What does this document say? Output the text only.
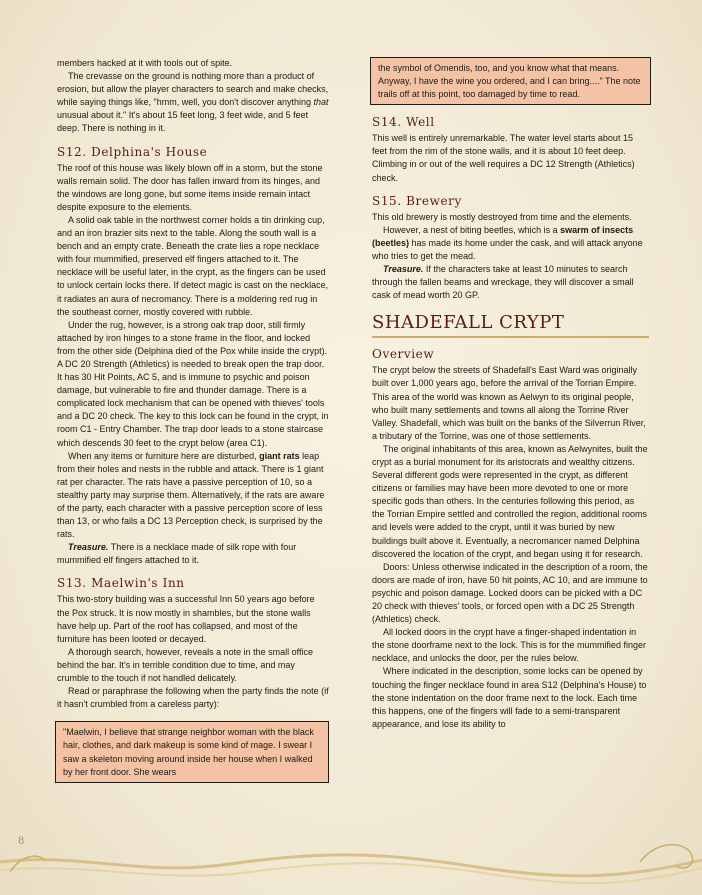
members hacked at it with tools out of spite.

The crevasse on the ground is nothing more than a product of erosion, but allow the player characters to search and make checks, while saying things like, "hmm, well, you don't discover anything that unusual about it." It's about 15 feet long, 3 feet wide, and 5 feet deep. There is nothing in it.

S12. Delphina's House

The roof of this house was likely blown off in a storm, but the stone walls remain solid. The door has fallen inward from its hinges, and the windows are long gone, but some items inside remain intact despite exposure to the elements.

A solid oak table in the northwest corner holds a tin drinking cup, and an iron brazier sits next to the table. Along the south wall is a bench and an empty crate. Beneath the crate lies a rope necklace with four mummified, preserved elf fingers attached to it. The necklace will be useful later, in the crypt, as the fingers can be used to unlock certain locks there. If detect magic is cast on the necklace, it radiates an aura of necromancy. There is a moldering red rug in the southeast corner, mostly covered with rubble.

Under the rug, however, is a strong oak trap door, still firmly attached by iron hinges to a stone frame in the floor, and locked from the other side (Delphina died of the Pox while inside the crypt). A DC 20 Strength (Athletics) is needed to break open the trap door. It has 30 Hit Points, AC 5, and is immune to psychic and poison damage, but vulnerable to fire and thunder damage. There is a complicated lock mechanism that can be opened with thieves' tools and a DC 20 check. The key to this lock can be found in the crypt, in room C1 - Entry Chamber. The trap door leads to a stone staircase which descends 30 feet to the crypt below (area C1).

When any items or furniture here are disturbed, giant rats leap from their holes and nests in the rubble and attack. There is 1 giant rat per character. The rats have a passive perception of 10, so a stealthy party may surprise them. Alternatively, if the rats are aware of the party, each character with a passive perception score of less than 13, or who fails a DC 13 Perception check, is surprised by the rats.

Treasure. There is a necklace made of silk rope with four mummified elf fingers attached to it.

S13. Maelwin's Inn

This two-story building was a successful Inn 50 years ago before the Pox struck. It is now mostly in shambles, but the stone walls have help up. Part of the roof has collapsed, and most of the furniture has been looted or decayed.

A thorough search, however, reveals a note in the small office behind the bar. It's in terrible condition due to time, and may crumble to the touch if not handled delicately.

Read or paraphrase the following when the party finds the note (if it hasn't crumbled from a careless party):

"Maelwin, I believe that strange neighbor woman with the black hair, clothes, and dark makeup is some kind of mage. I swear I saw a skeleton moving around inside her house when I walked by her front door. She wears

the symbol of Omendis, too, and you know what that means. Anyway, I have the wine you ordered, and I can bring...." The note trails off at this point, too damaged by time to read.

S14. Well

This well is entirely unremarkable. The water level starts about 15 feet from the rim of the stone walls, and it is about 10 feet deep. Climbing in or out of the well requires a DC 12 Strength (Athletics) check.

S15. Brewery

This old brewery is mostly destroyed from time and the elements.

However, a nest of biting beetles, which is a swarm of insects (beetles) has made its home under the cask, and will attack anyone who tries to get the mead.

Treasure. If the characters take at least 10 minutes to search through the fallen beams and wreckage, they will discover a small cask of mead worth 20 GP.

SHADEFALL CRYPT
Overview

The crypt below the streets of Shadefall's East Ward was originally built over 1,000 years ago, before the arrival of the Torrian Empire. This area of the world was known as Aelwyn to its original people, who built many settlements and towns all along the Torrine River Valley. Shadefall, which was built on the banks of the Silverrun River, a tributary of the Torrine, was one of those settlements.

The original inhabitants of this area, known as Aelwynites, built the crypt as a burial monument for its aristocrats and wealthy citizens. Several different gods were represented in the crypt, as different citizens or families may have been more devoted to one or more specific gods than others. In the centuries following this period, as the Torrian Empire settled and controlled the region, additional rooms and levels were added to the crypt, until it was buried by new buildings built above it. Eventually, a necromancer named Delphina discovered the location of the crypt, and began using it for research.

Doors: Unless otherwise indicated in the description of a room, the doors are made of iron, have 50 hit points, AC 10, and are immune to psychic and poison damage. Locked doors can be picked with a DC 20 check with thieves' tools, or forced open with a DC 25 Strength (Athletics) check.

All locked doors in the crypt have a finger-shaped indentation in the stone doorframe next to the lock. This is for the mummified finger necklace, and unlocks the door, per the rules below.

Where indicated in the description, some locks can be opened by touching the finger necklace found in area S12 (Delphina's House) to the stone indentation on the door frame next to the lock. Each time this happens, one of the fingers will fade to a semi-transparent appearance, and lose its ability to

8
